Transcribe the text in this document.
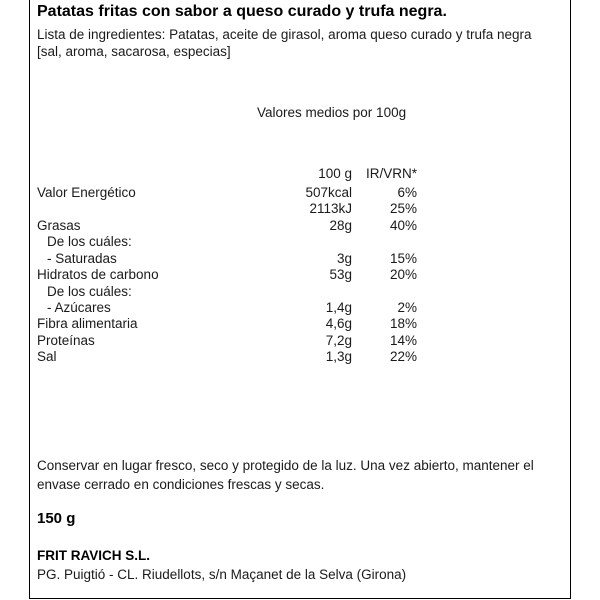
Patatas fritas con sabor a queso curado y trufa negra.
Lista de ingredientes: Patatas, aceite de girasol, aroma queso curado y trufa negra [sal, aroma, sacarosa, especias]
Valores medios por 100g
100 g IR/VRN*
Valor Energético	507kcal	6%
2113kJ	25%
Grasas	28g	40%
De los cuáles:
- Saturadas	3g	15%
Hidratos de carbono	53g	20%
De los cuáles:
- Azúcares	1,4g	2%
Fibra alimentaria	4,6g	18%
Proteínas	7,2g	14%
Sal	1,3g	22%
Conservar en lugar fresco, seco y protegido de la luz. Una vez abierto, mantener el envase cerrado en condiciones frescas y secas.
150 g
FRIT RAVICH S.L.
PG. Puigtió - CL. Riudellots, s/n Maçanet de la Selva (Girona)
